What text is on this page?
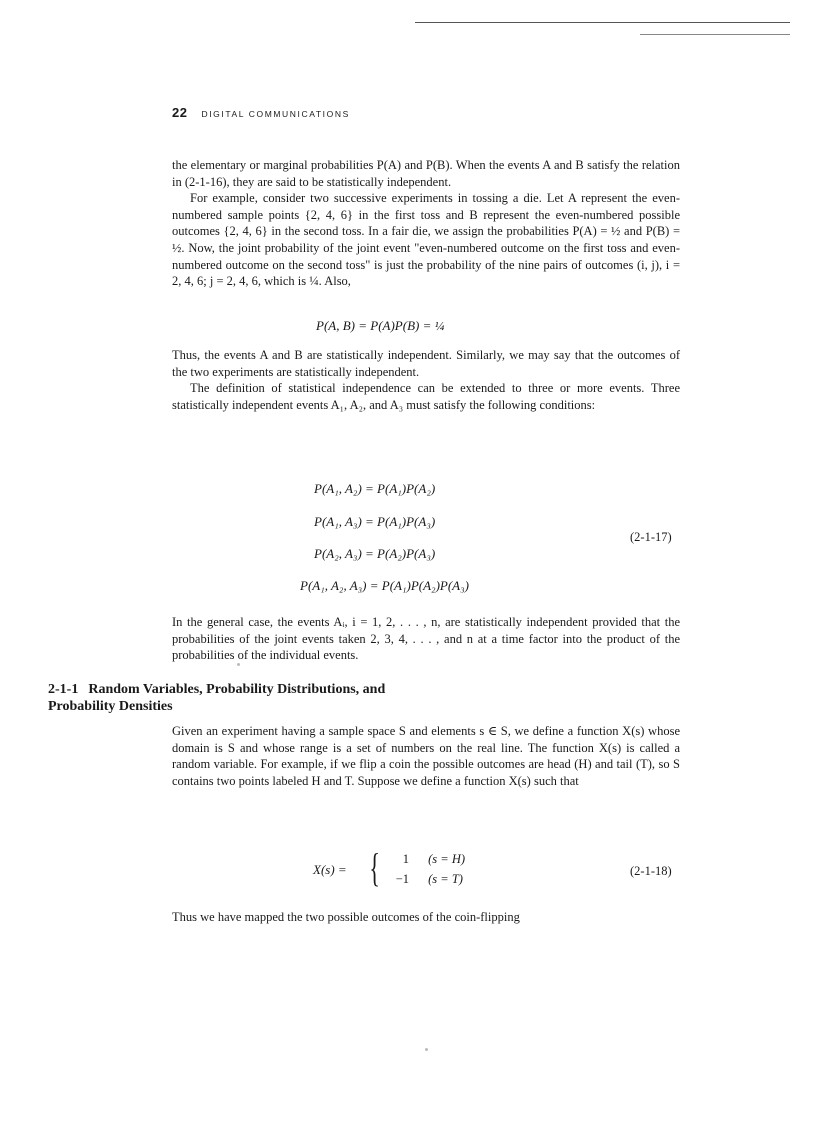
22 DIGITAL COMMUNICATIONS

the elementary or marginal probabilities P(A) and P(B). When the events A and B satisfy the relation in (2-1-16), they are said to be statistically independent.

For example, consider two successive experiments in tossing a die. Let A represent the even-numbered sample points {2, 4, 6} in the first toss and B represent the even-numbered possible outcomes {2, 4, 6} in the second toss. In a fair die, we assign the probabilities P(A) = ½ and P(B) = ½. Now, the joint probability of the joint event "even-numbered outcome on the first toss and even-numbered outcome on the second toss" is just the probability of the nine pairs of outcomes (i, j), i = 2, 4, 6; j = 2, 4, 6, which is ¼. Also,

P(A, B) = P(A)P(B) = ¼

Thus, the events A and B are statistically independent. Similarly, we may say that the outcomes of the two experiments are statistically independent.

The definition of statistical independence can be extended to three or more events. Three statistically independent events A₁, A₂, and A₃ must satisfy the following conditions:

P(A₁, A₂) = P(A₁)P(A₂)
P(A₁, A₃) = P(A₁)P(A₃)
P(A₂, A₃) = P(A₂)P(A₃)
P(A₁, A₂, A₃) = P(A₁)P(A₂)P(A₃)
(2-1-17)

In the general case, the events Aᵢ, i = 1, 2, . . . , n, are statistically independent provided that the probabilities of the joint events taken 2, 3, 4, . . . , and n at a time factor into the product of the probabilities of the individual events.

2-1-1 Random Variables, Probability Distributions, and
Probability Densities

Given an experiment having a sample space S and elements s ∈ S, we define a function X(s) whose domain is S and whose range is a set of numbers on the real line. The function X(s) is called a random variable. For example, if we flip a coin the possible outcomes are head (H) and tail (T), so S contains two points labeled H and T. Suppose we define a function X(s) such that

X(s) = {	1 (s = H)
−1 (s = T)
(2-1-18)

Thus we have mapped the two possible outcomes of the coin-flipping
